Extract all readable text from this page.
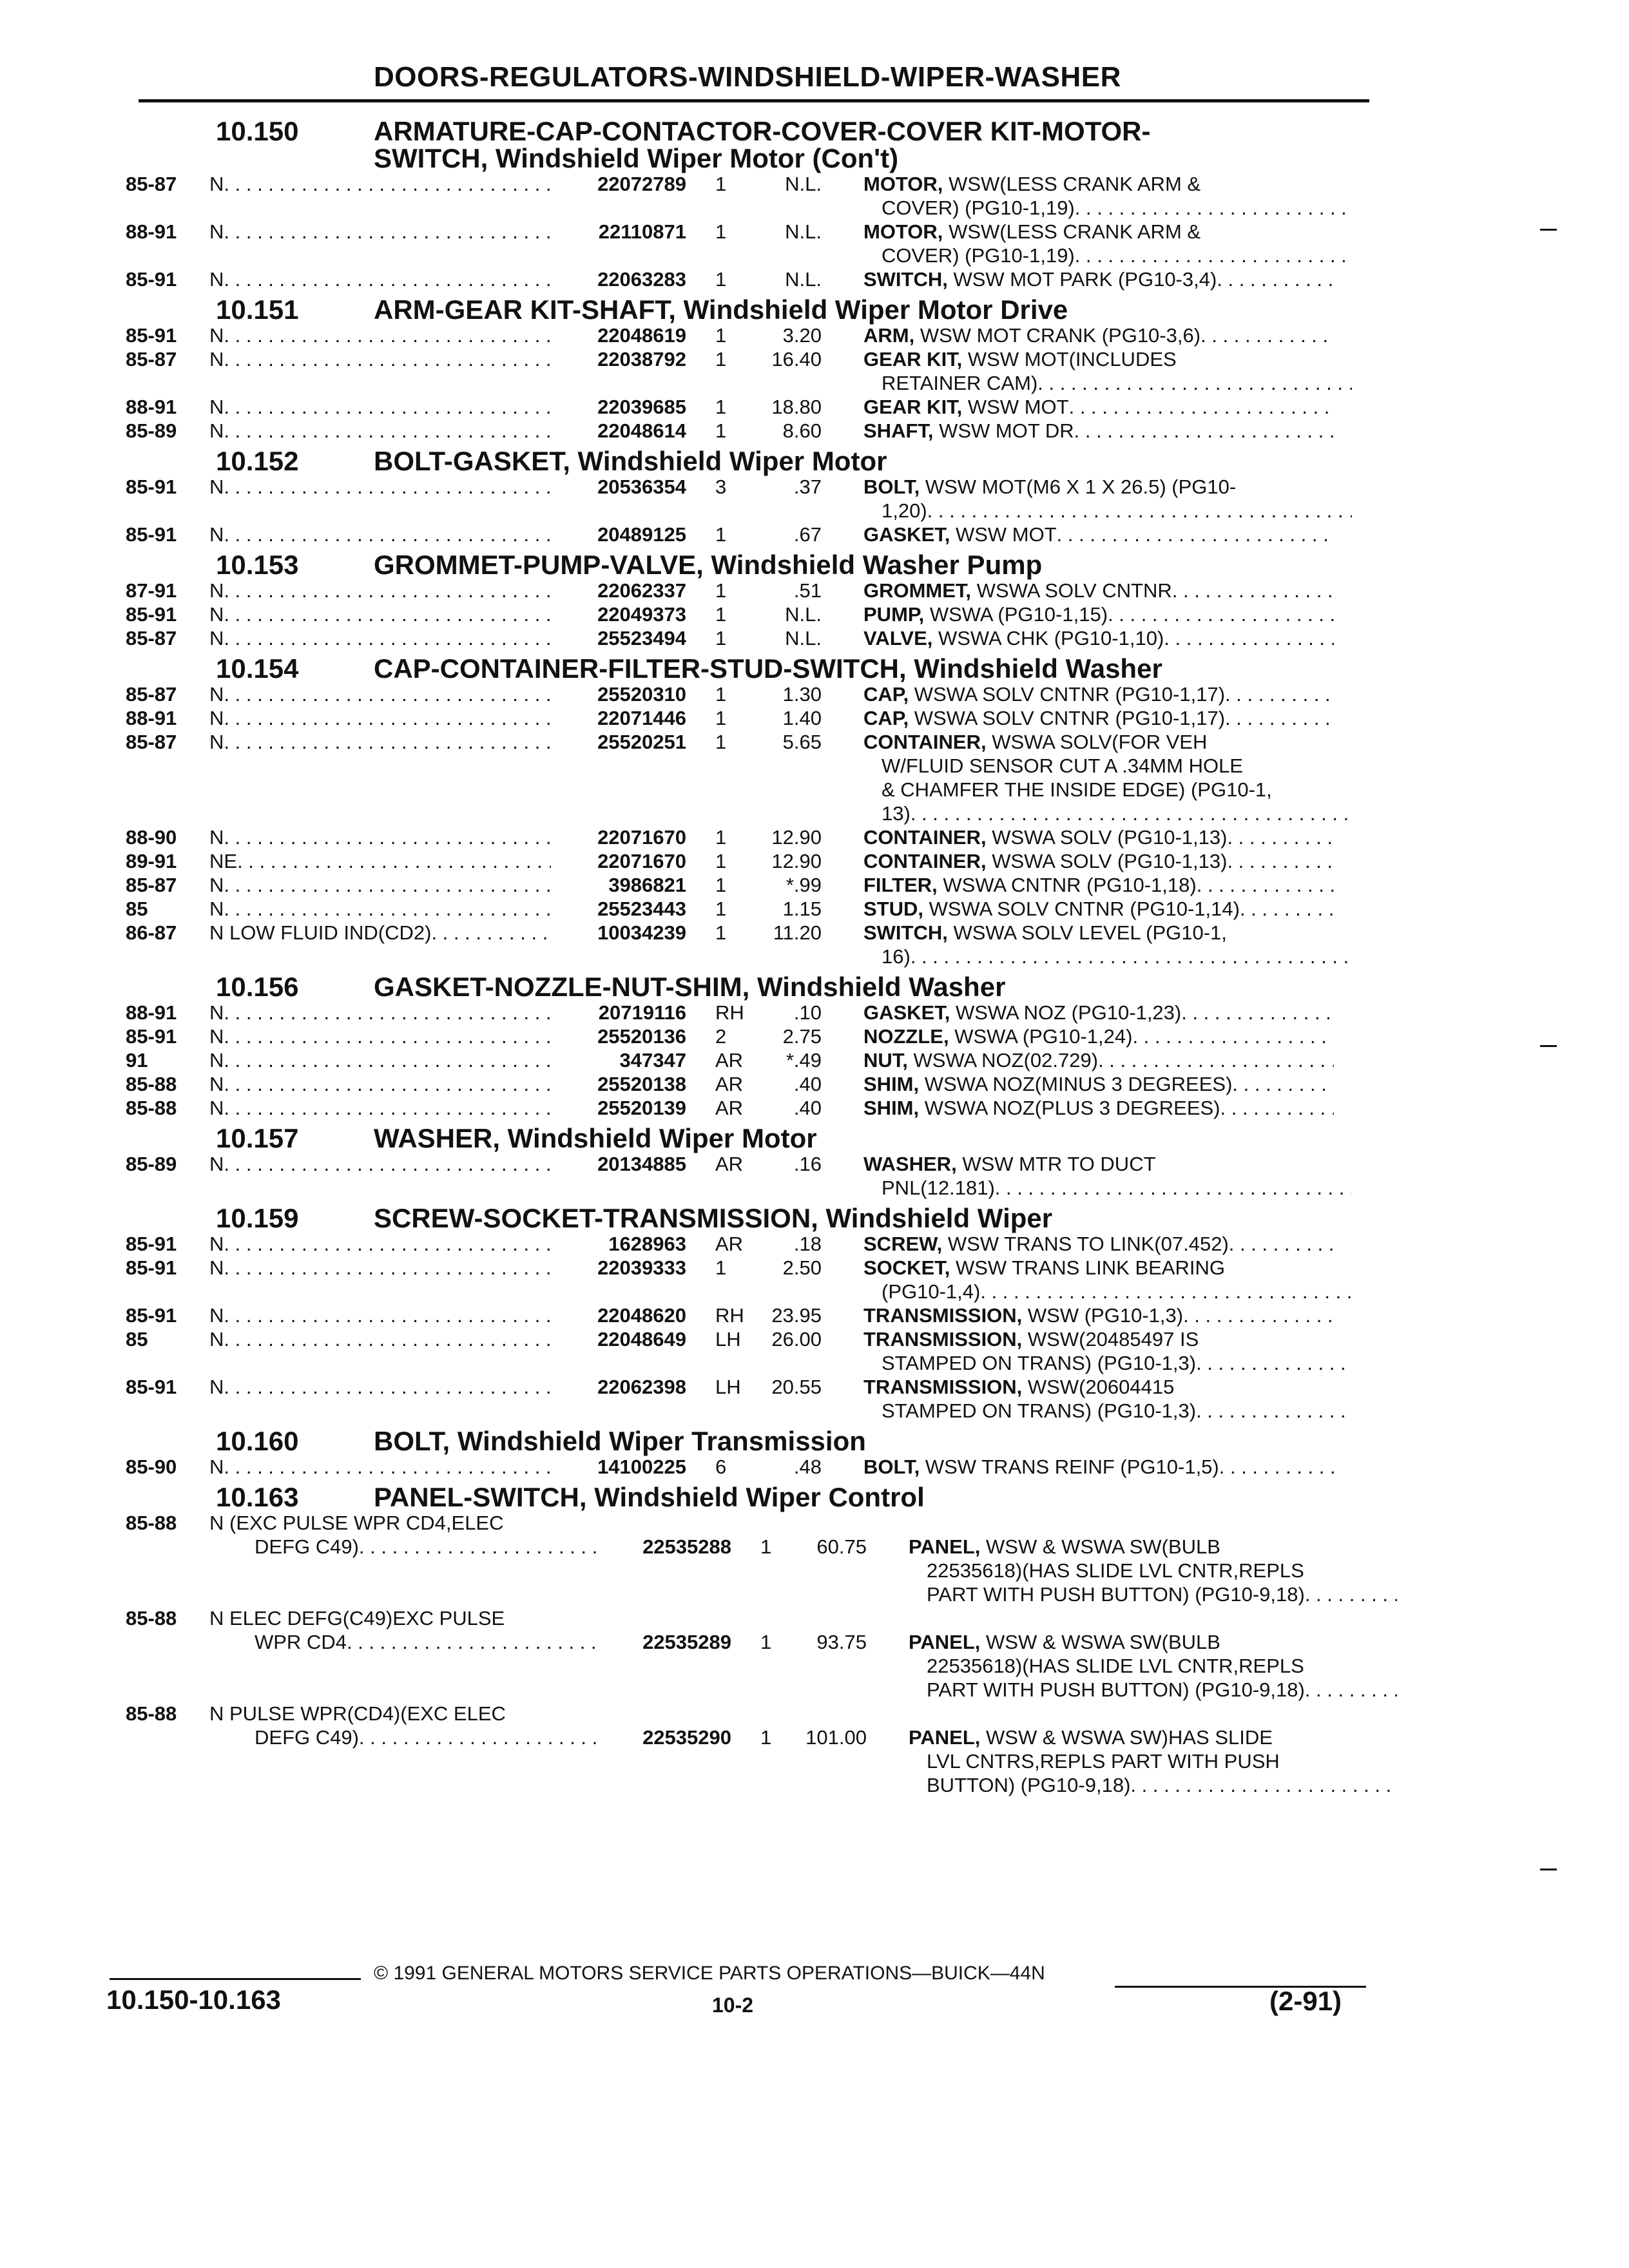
DOORS-REGULATORS-WINDSHIELD-WIPER-WASHER
10.150	ARMATURE-CAP-CONTACTOR-COVER-COVER KIT-MOTOR-SWITCH, Windshield Wiper Motor (Con't)
85-87	N . . .	22072789	1	N.L.	MOTOR, WSW(LESS CRANK ARM &
COVER) (PG10-1,19)
. . .
88-91	N . . .	22110871	1	N.L.	MOTOR, WSW(LESS CRANK ARM &
COVER) (PG10-1,19)
. . .
85-91	N . . .	22063283	1	N.L.	SWITCH, WSW MOT PARK (PG10-3,4)
. . .
10.151	ARM-GEAR KIT-SHAFT, Windshield Wiper Motor Drive
85-91	N . . .	22048619	1	3.20	ARM, WSW MOT CRANK (PG10-3,6)
. . .
85-87	N . . .	22038792	1	16.40	GEAR KIT, WSW MOT(INCLUDES
RETAINER CAM)
. . .
88-91	N . . .	22039685	1	18.80	GEAR KIT, WSW MOT
. . .
85-89	N . . .	22048614	1	8.60	SHAFT, WSW MOT DR
. . .
10.152	BOLT-GASKET, Windshield Wiper Motor
85-91	N . . .	20536354	3	.37	BOLT, WSW MOT(M6 X 1 X 26.5) (PG10-
1,20)
. . .
85-91	N . . .	20489125	1	.67	GASKET, WSW MOT
. . .
10.153	GROMMET-PUMP-VALVE, Windshield Washer Pump
87-91	N . . .	22062337	1	.51	GROMMET, WSWA SOLV CNTNR
. . .
85-91	N . . .	22049373	1	N.L.	PUMP, WSWA (PG10-1,15)
. . .
85-87	N . . .	25523494	1	N.L.	VALVE, WSWA CHK (PG10-1,10)
. . .
10.154	CAP-CONTAINER-FILTER-STUD-SWITCH, Windshield Washer
85-87	N . . .	25520310	1	1.30	CAP, WSWA SOLV CNTNR (PG10-1,17)
. . .
88-91	N . . .	22071446	1	1.40	CAP, WSWA SOLV CNTNR (PG10-1,17)
. . .
85-87	N . . .	25520251	1	5.65	CONTAINER, WSWA SOLV(FOR VEH
W/FLUID SENSOR CUT A .34MM HOLE
& CHAMFER THE INSIDE EDGE) (PG10-1,
13)
. . .
88-90	N . . .	22071670	1	12.90	CONTAINER, WSWA SOLV (PG10-1,13)
. . .
89-91	NE . . .	22071670	1	12.90	CONTAINER, WSWA SOLV (PG10-1,13)
. . .
85-87	N . . .	3986821	1	*.99	FILTER, WSWA CNTNR (PG10-1,18)
. . .
85	N . . .	25523443	1	1.15	STUD, WSWA SOLV CNTNR (PG10-1,14)
. . .
86-87	N LOW FLUID IND(CD2) . . .	10034239	1	11.20	SWITCH, WSWA SOLV LEVEL (PG10-1,
16)
. . .
10.156	GASKET-NOZZLE-NUT-SHIM, Windshield Washer
88-91	N . . .	20719116	RH	.10	GASKET, WSWA NOZ (PG10-1,23)
. . .
85-91	N . . .	25520136	2	2.75	NOZZLE, WSWA (PG10-1,24)
. . .
91	N . . .	347347	AR	*.49	NUT, WSWA NOZ(02.729)
. . .
85-88	N . . .	25520138	AR	.40	SHIM, WSWA NOZ(MINUS 3 DEGREES)
. . .
85-88	N . . .	25520139	AR	.40	SHIM, WSWA NOZ(PLUS 3 DEGREES)
. . .
10.157	WASHER, Windshield Wiper Motor
85-89	N . . .	20134885	AR	.16	WASHER, WSW MTR TO DUCT
PNL(12.181)
. . .
10.159	SCREW-SOCKET-TRANSMISSION, Windshield Wiper
85-91	N . . .	1628963	AR	.18	SCREW, WSW TRANS TO LINK(07.452)
. . .
85-91	N . . .	22039333	1	2.50	SOCKET, WSW TRANS LINK BEARING
(PG10-1,4)
. . .
85-91	N . . .	22048620	RH	23.95	TRANSMISSION, WSW (PG10-1,3)
. . .
85	N . . .	22048649	LH	26.00	TRANSMISSION, WSW(20485497 IS
STAMPED ON TRANS) (PG10-1,3)
. . .
85-91	N . . .	22062398	LH	20.55	TRANSMISSION, WSW(20604415
STAMPED ON TRANS) (PG10-1,3)
. . .
10.160	BOLT, Windshield Wiper Transmission
85-90	N . . .	14100225	6	.48	BOLT, WSW TRANS REINF (PG10-1,5)
. . .
10.163	PANEL-SWITCH, Windshield Wiper Control
85-88	N (EXC PULSE WPR CD4,ELEC
DEFG C49) . . .	22535288	1	60.75	PANEL, WSW & WSWA SW(BULB
22535618)(HAS SLIDE LVL CNTR,REPLS
PART WITH PUSH BUTTON) (PG10-9,18)
. . .
85-88	N ELEC DEFG(C49)EXC PULSE
WPR CD4 . . .	22535289	1	93.75	PANEL, WSW & WSWA SW(BULB
22535618)(HAS SLIDE LVL CNTR,REPLS
PART WITH PUSH BUTTON) (PG10-9,18)
. . .
85-88	N PULSE WPR(CD4)(EXC ELEC
DEFG C49) . . .	22535290	1	101.00	PANEL, WSW & WSWA SW)HAS SLIDE
LVL CNTRS,REPLS PART WITH PUSH
BUTTON) (PG10-9,18)
. . .
© 1991 GENERAL MOTORS SERVICE PARTS OPERATIONS—BUICK—44N
10.150-10.163	10-2	(2-91)
